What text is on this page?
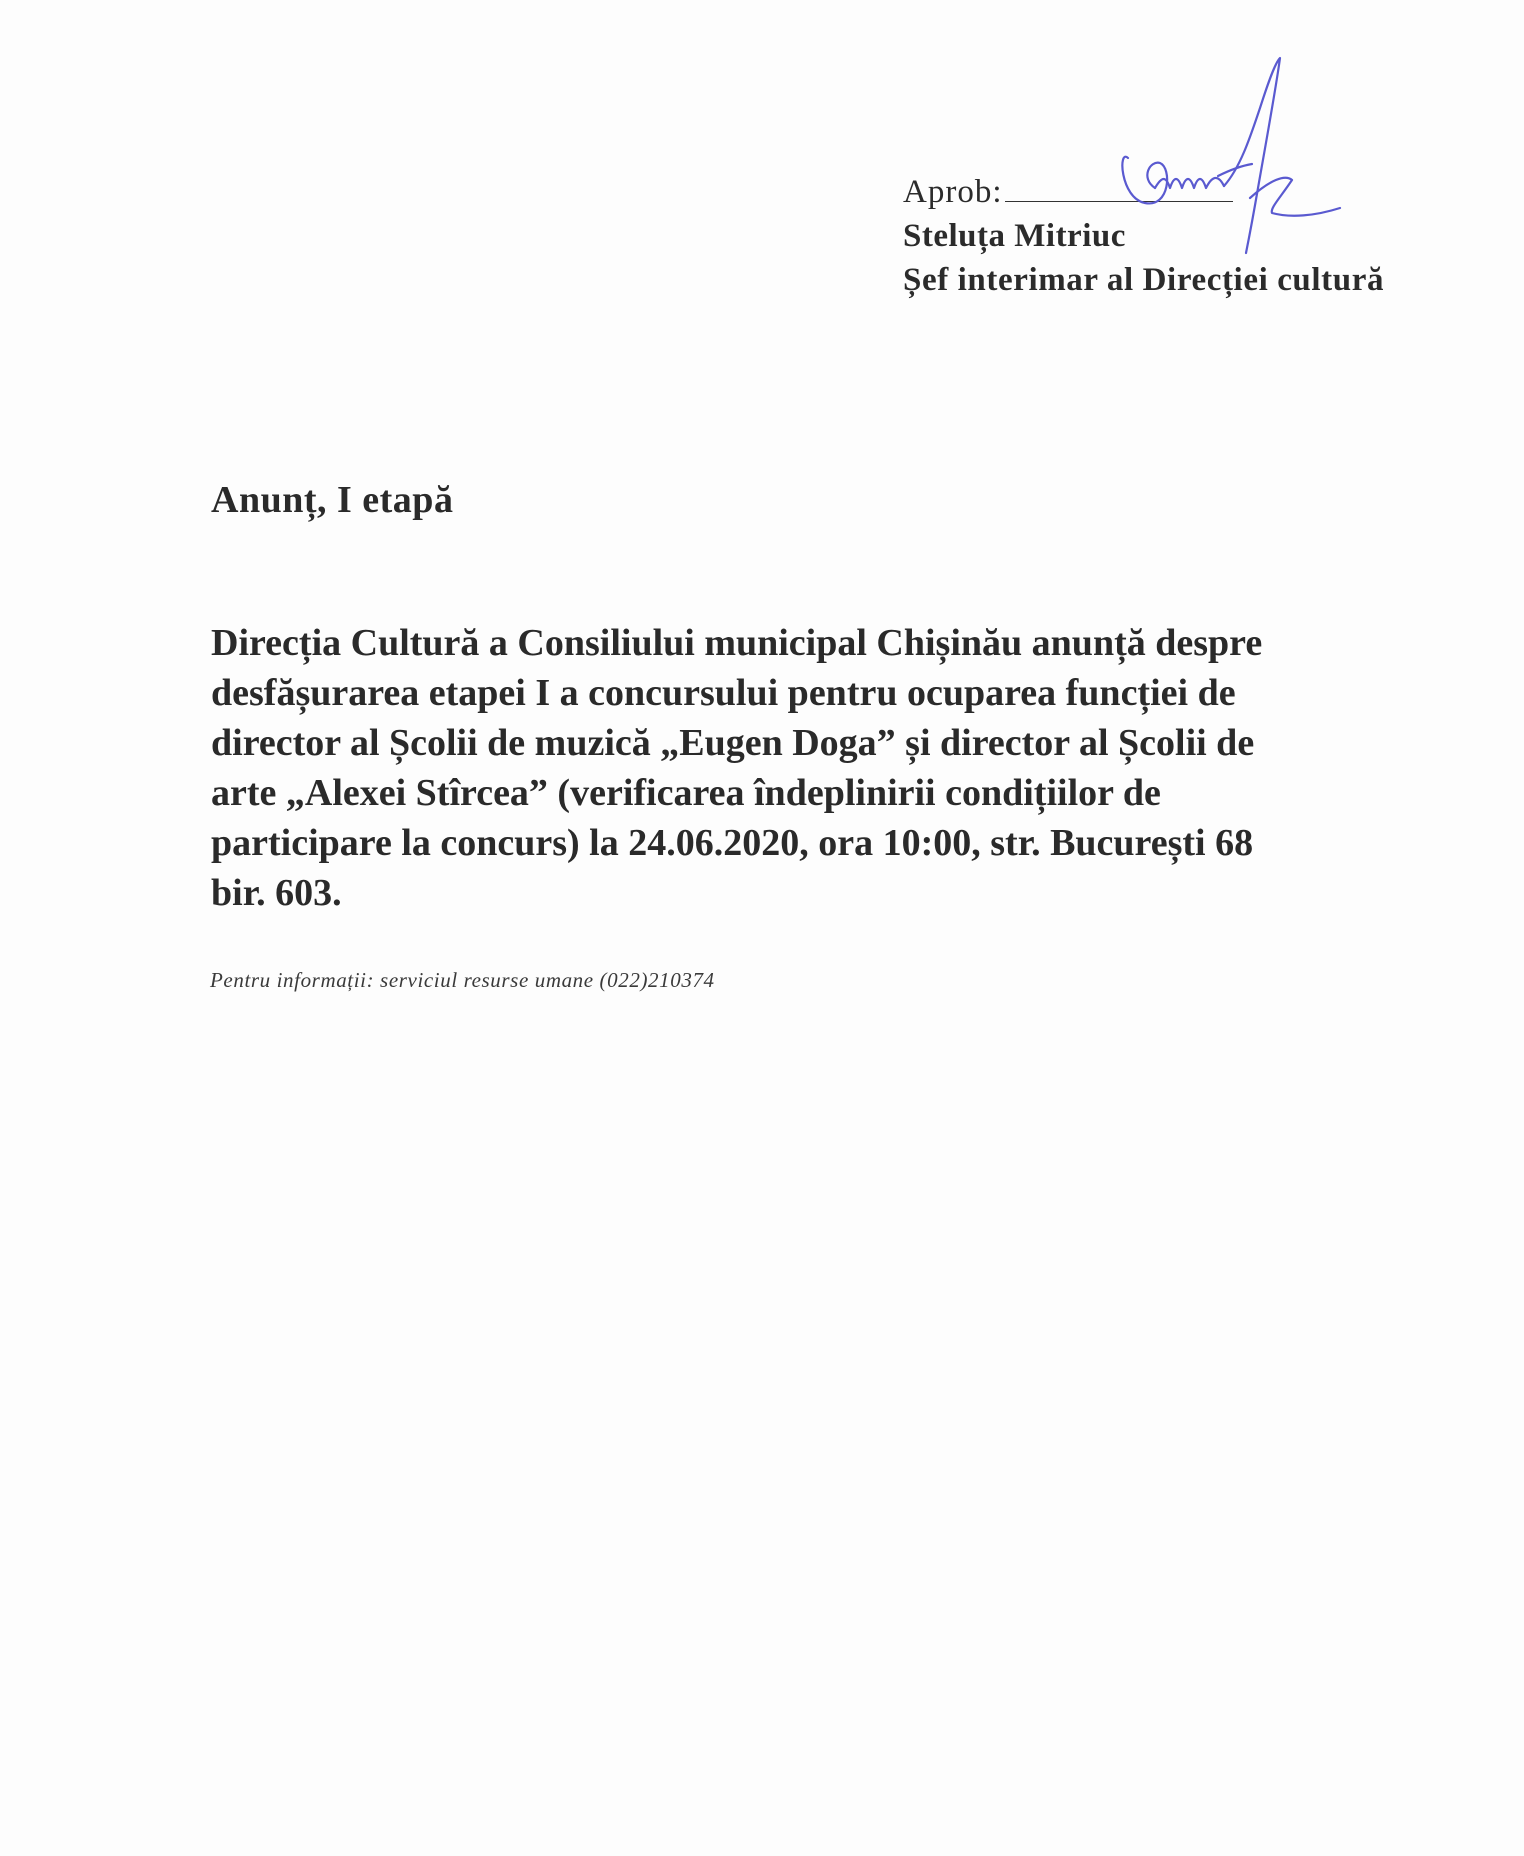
Aprob:
Steluța Mitriuc
Șef interimar al Direcției cultură
Anunț, I etapă

Direcția Cultură a Consiliului municipal Chișinău anunță despre
desfășurarea etapei I a concursului pentru ocuparea funcției de
director al Școlii de muzică „Eugen Doga” și director al Școlii de
arte „Alexei Stîrcea” (verificarea îndeplinirii condițiilor de
participare la concurs) la 24.06.2020, ora 10:00, str. București 68
bir. 603.

Pentru informații: serviciul resurse umane (022)210374
